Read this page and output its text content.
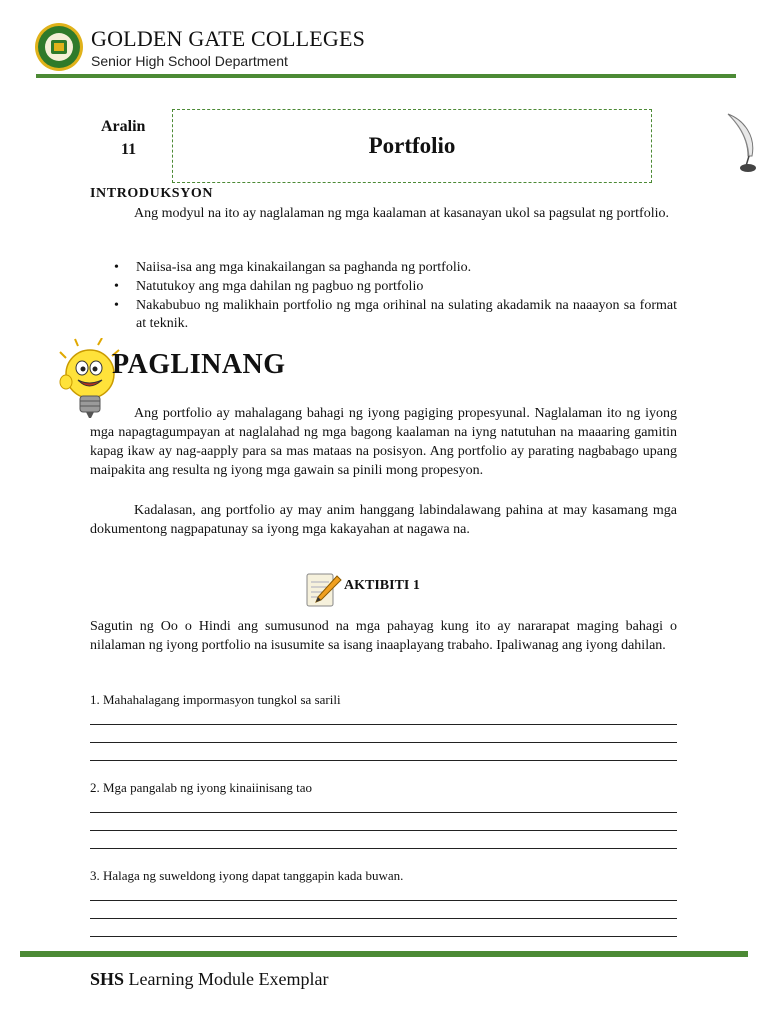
GOLDEN GATE COLLEGES
Senior High School Department
Aralin
11	Portfolio
INTRODUKSYON
Ang modyul na ito ay naglalaman ng mga kaalaman at kasanayan ukol sa pagsulat ng portfolio.
• Naiisa-isa ang mga kinakailangan sa paghanda ng portfolio.
• Natutukoy ang mga dahilan ng pagbuo ng portfolio
• Nakabubuo ng malikhain portfolio ng mga orihinal na sulating akadamik na naaayon sa format at teknik.
PAGLINANG
Ang portfolio ay mahalagang bahagi ng iyong pagiging propesyunal. Naglalaman ito ng iyong mga napagtagumpayan at naglalahad ng mga bagong kaalaman na iyng natutuhan na maaaring gamitin kapag ikaw ay nag-aapply para sa mas mataas na posisyon. Ang portfolio ay parating nagbabago upang maipakita ang resulta ng iyong mga gawain sa pinili mong propesyon.
Kadalasan, ang portfolio ay may anim hanggang labindalawang pahina at may kasamang mga dokumentong nagpapatunay sa iyong mga kakayahan at nagawa na.
AKTIBITI 1
Sagutin ng Oo o Hindi ang sumusunod na mga pahayag kung ito ay nararapat maging bahagi o nilalaman ng iyong portfolio na isusumite sa isang inaaplayang trabaho. Ipaliwanag ang iyong dahilan.
1. Mahahalagang impormasyon tungkol sa sarili
2. Mga pangalab ng iyong kinaiinisang tao
3. Halaga ng suweldong iyong dapat tanggapin kada buwan.
SHS Learning Module Exemplar
